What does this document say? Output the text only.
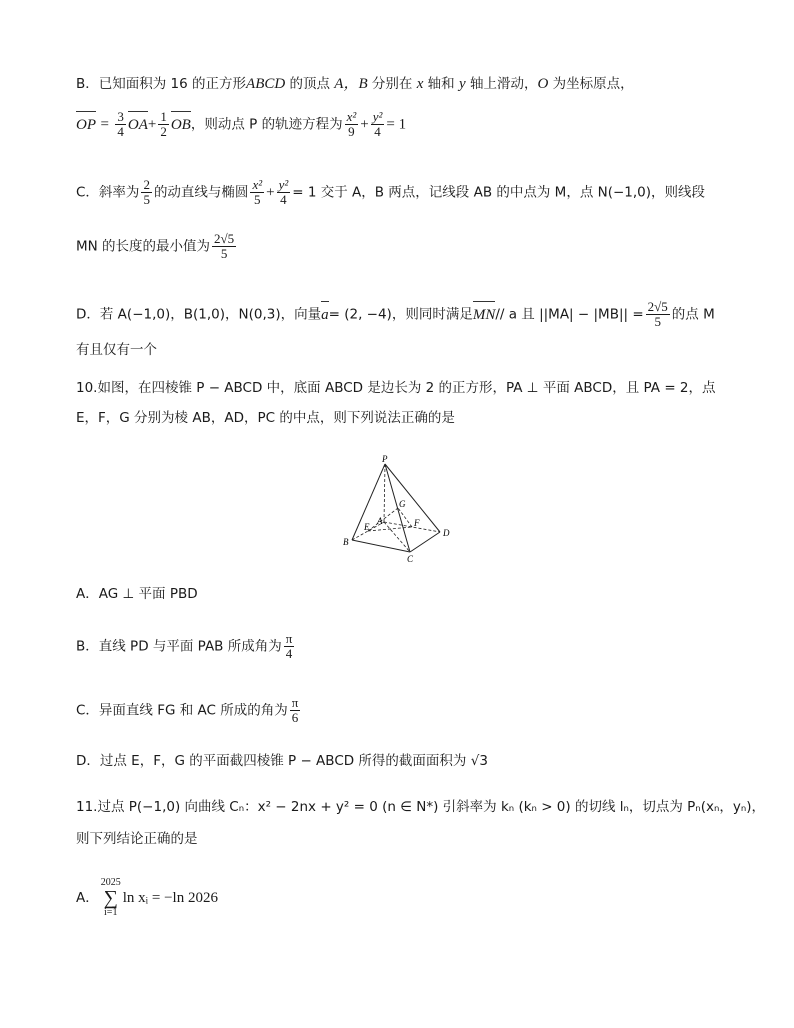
B．已知面积为 16 的正方形ABCD 的顶点 A，B 分别在 x 轴和 y 轴上滑动，O 为坐标原点，
OP = $\frac{3}{4} OA+ \frac{1}{2}$ OB，则动点 P 的轨迹方程为 $\frac{\text{x²}}{9} + \frac{\text{y²}}{4} = 1$
C．斜率为 $\frac{2}{5}$ 的动直线与椭圆 $\frac{\text{x²}}{5} + \frac{\text{y²}}{4} = 1$ 交于 A，B 两点，记线段 AB 的中点为 M，点 N(−1,0)，则线段
MN 的长度的最小值为 $\frac{2√5}{5}$
D．若 A(−1,0)，B(1,0)，N(0,3)，向量a= (2, −4)，则同时满足MN// a 且 $||MA| - |MB|| = \frac{2√5}{5}$ 的点 M
有且仅有一个
10.如图，在四棱锥 P − ABCD 中，底面 ABCD 是边长为 2 的正方形，PA ⊥ 平面 ABCD，且 PA = 2，点
E，F，G 分别为棱 AB，AD，PC 的中点，则下列说法正确的是
P
A
B
C
D
E	F
G
A．AG ⊥ 平面 PBD
B．直线 PD 与平面 PAB 所成角为 $\frac{\pi}{4}$
C．异面直线 FG 和 AC 所成的角为 $\frac{\pi}{6}$
D．过点 E，F，G 的平面截四棱锥 P − ABCD 所得的截面面积为 √3
11.过点 P(−1,0) 向曲线 Cₙ：x² − 2nx + y² = 0 (n ∈ N*) 引斜率为 kₙ (kₙ > 0) 的切线 lₙ，切点为 Pₙ(xₙ，yₙ)，
则下列结论正确的是
A．
2025
∑
i=1
ln xᵢ = −ln 2026
